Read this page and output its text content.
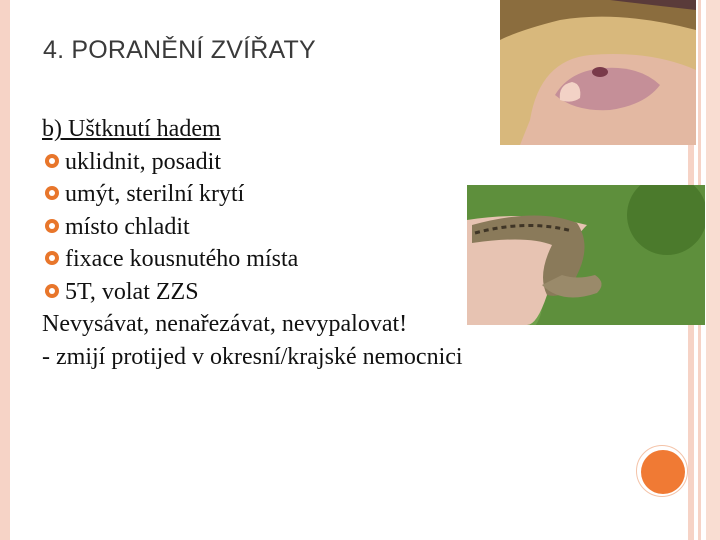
4. PORANĚNÍ ZVÍŘATY
b) Uštknutí hadem
uklidnit, posadit
umýt, sterilní krytí
místo chladit
fixace kousnutého místa
5T, volat ZZS
Nevysávat, nenařezávat, nevypalovat!
- zmijí protijed v okresní/krajské nemocnici
